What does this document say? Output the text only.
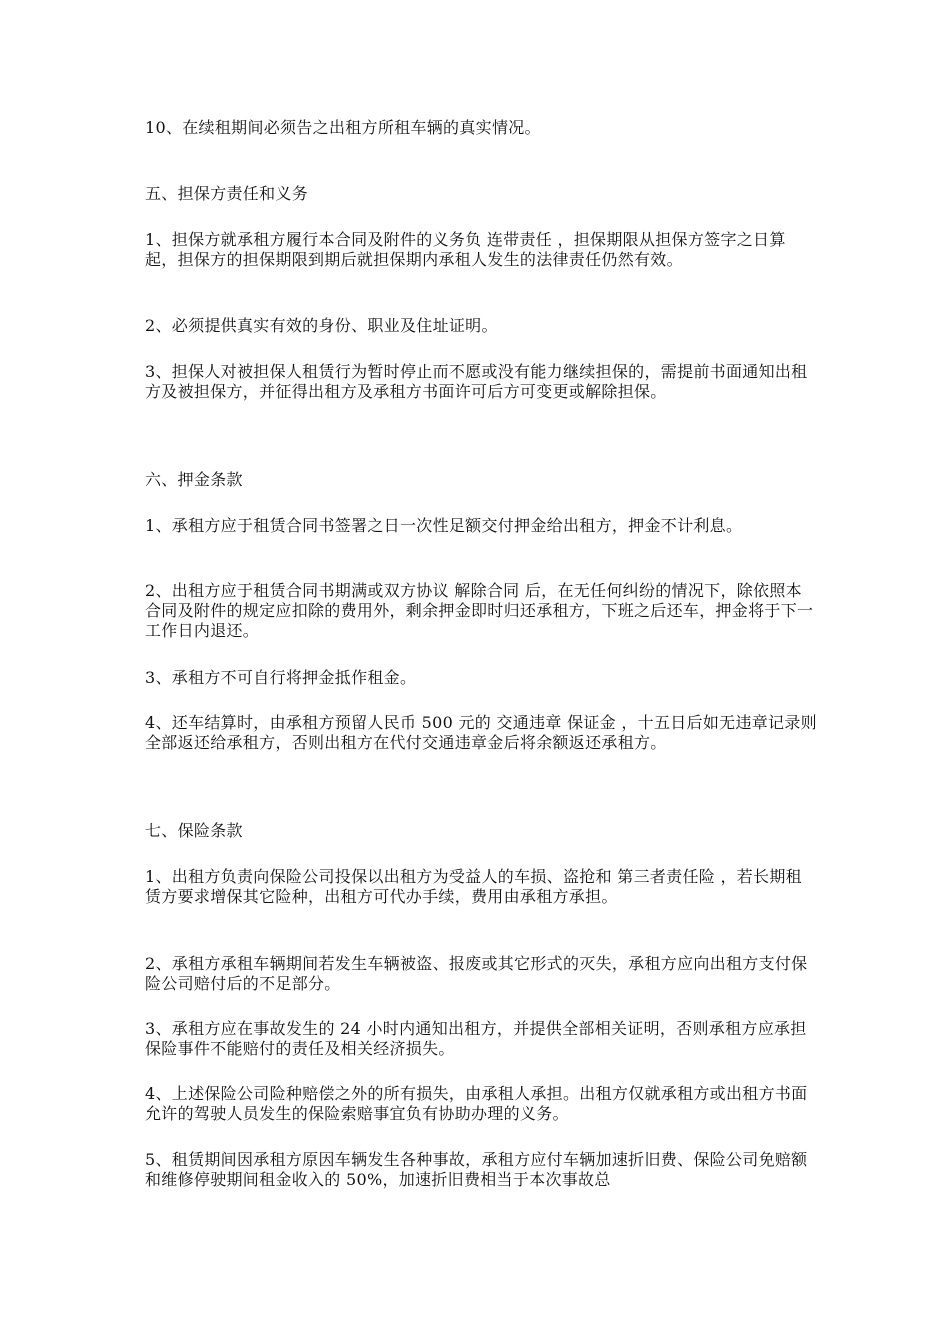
10、在续租期间必须告之出租方所租车辆的真实情况。

五、担保方责任和义务

1、担保方就承租方履行本合同及附件的义务负 连带责任 ，担保期限从担保方签字之日算起，担保方的担保期限到期后就担保期内承租人发生的法律责任仍然有效。

2、必须提供真实有效的身份、职业及住址证明。

3、担保人对被担保人租赁行为暂时停止而不愿或没有能力继续担保的，需提前书面通知出租方及被担保方，并征得出租方及承租方书面许可后方可变更或解除担保。

六、押金条款

1、承租方应于租赁合同书签署之日一次性足额交付押金给出租方，押金不计利息。

2、出租方应于租赁合同书期满或双方协议 解除合同 后，在无任何纠纷的情况下，除依照本合同及附件的规定应扣除的费用外，剩余押金即时归还承租方，下班之后还车，押金将于下一工作日内退还。

3、承租方不可自行将押金抵作租金。

4、还车结算时，由承租方预留人民币 500 元的 交通违章 保证金 ，十五日后如无违章记录则全部返还给承租方，否则出租方在代付交通违章金后将余额返还承租方。

七、保险条款

1、出租方负责向保险公司投保以出租方为受益人的车损、盗抢和 第三者责任险 ，若长期租赁方要求增保其它险种，出租方可代办手续，费用由承租方承担。

2、承租方承租车辆期间若发生车辆被盗、报废或其它形式的灭失，承租方应向出租方支付保险公司赔付后的不足部分。

3、承租方应在事故发生的 24 小时内通知出租方，并提供全部相关证明，否则承租方应承担保险事件不能赔付的责任及相关经济损失。

4、上述保险公司险种赔偿之外的所有损失，由承租人承担。出租方仅就承租方或出租方书面允许的驾驶人员发生的保险索赔事宜负有协助办理的义务。

5、租赁期间因承租方原因车辆发生各种事故，承租方应付车辆加速折旧费、保险公司免赔额和维修停驶期间租金收入的 50%，加速折旧费相当于本次事故总
